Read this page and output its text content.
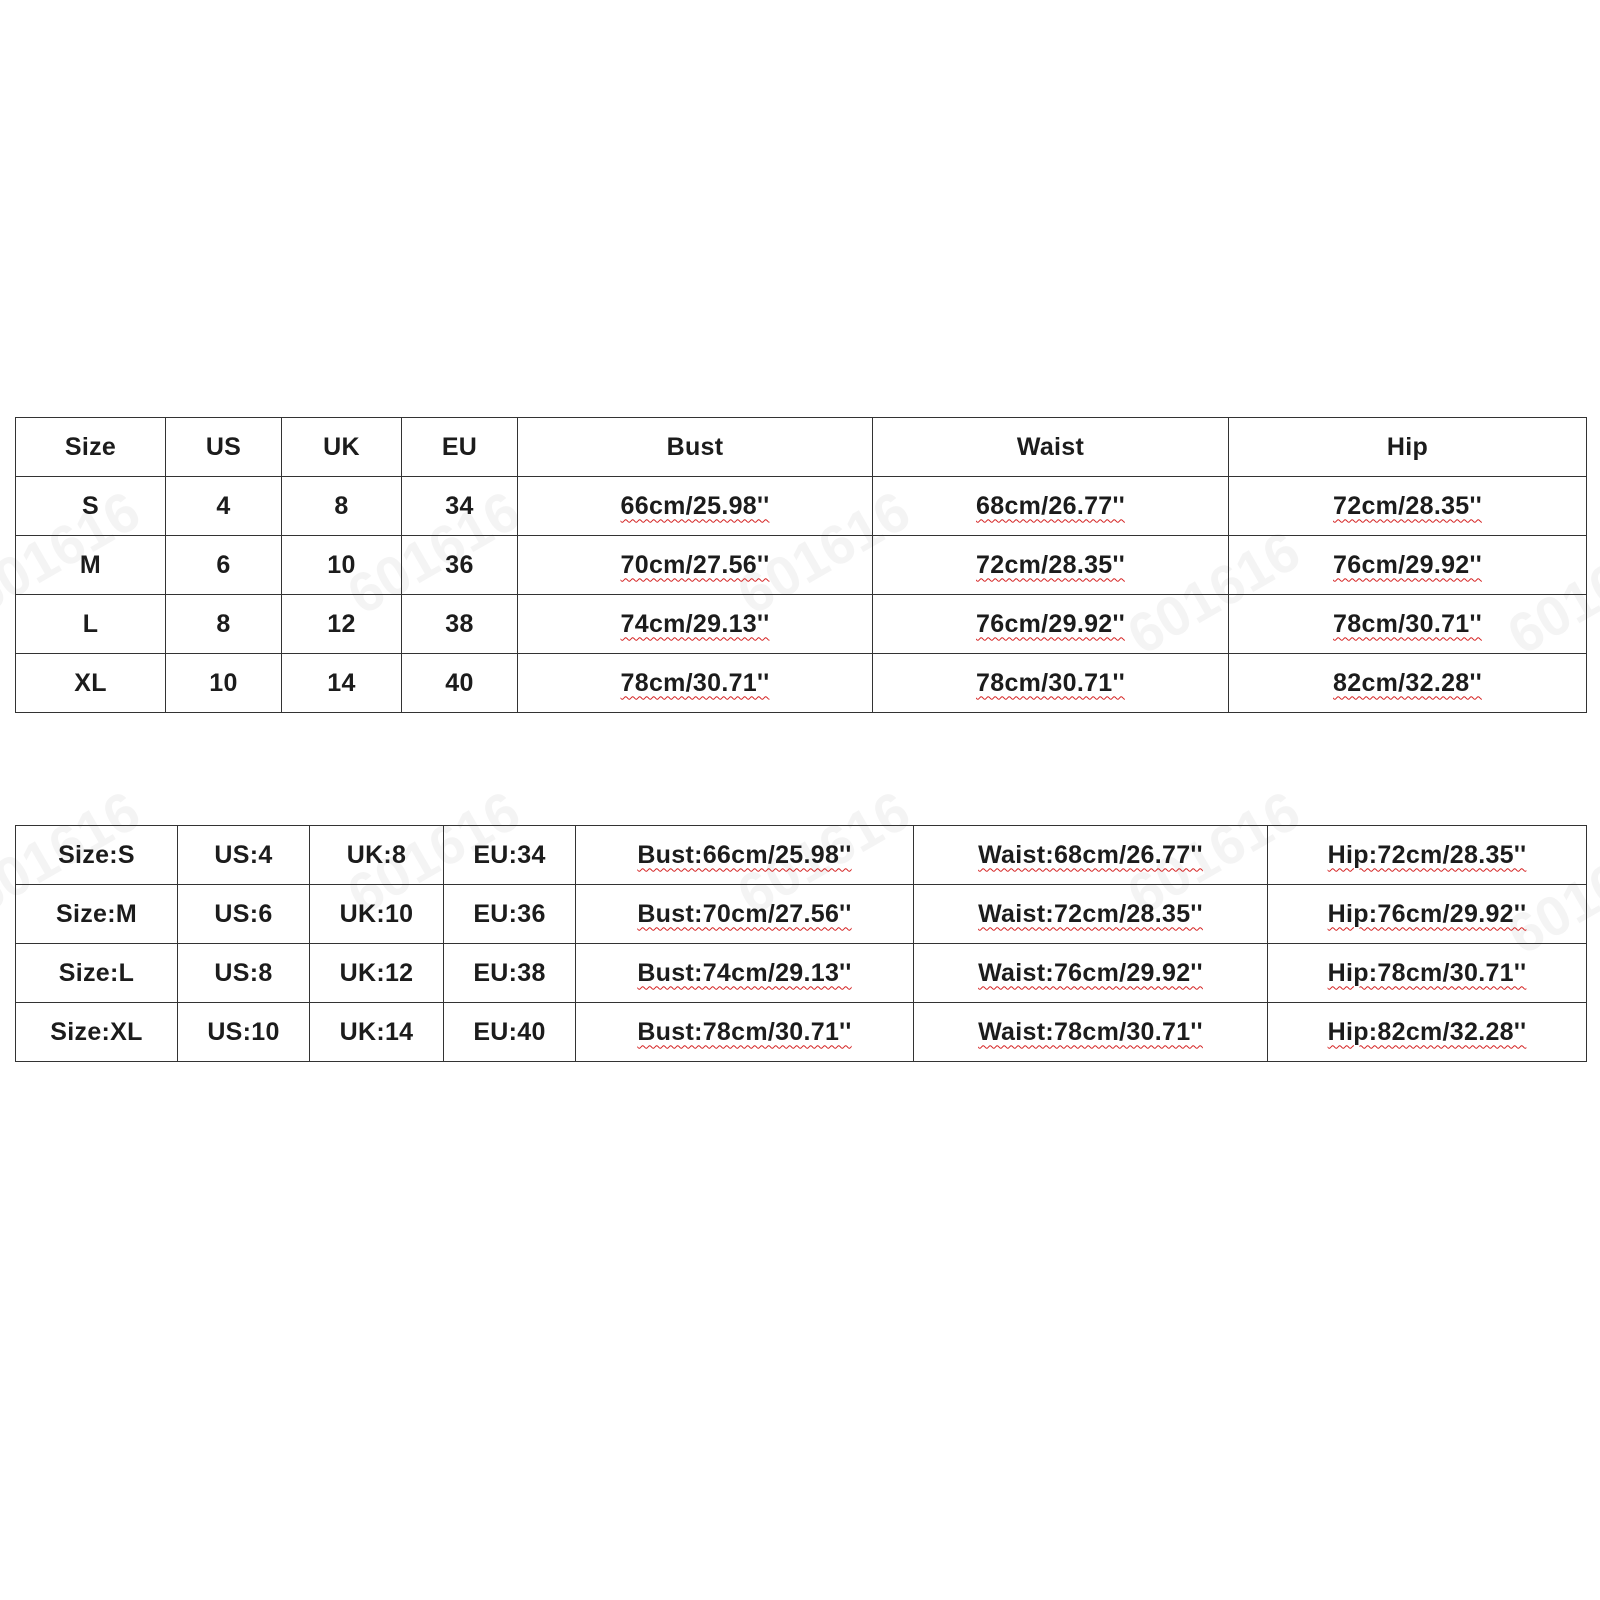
Size	US	UK	EU	Bust	Waist	Hip
S	4	8	34	66cm/25.98''	68cm/26.77''	72cm/28.35''
M	6	10	36	70cm/27.56''	72cm/28.35''	76cm/29.92''
L	8	12	38	74cm/29.13''	76cm/29.92''	78cm/30.71''
XL	10	14	40	78cm/30.71''	78cm/30.71''	82cm/32.28''
Size:S	US:4	UK:8	EU:34	Bust:66cm/25.98''	Waist:68cm/26.77''	Hip:72cm/28.35''
Size:M	US:6	UK:10	EU:36	Bust:70cm/27.56''	Waist:72cm/28.35''	Hip:76cm/29.92''
Size:L	US:8	UK:12	EU:38	Bust:74cm/29.13''	Waist:76cm/29.92''	Hip:78cm/30.71''
Size:XL	US:10	UK:14	EU:40	Bust:78cm/30.71''	Waist:78cm/30.71''	Hip:82cm/32.28''
